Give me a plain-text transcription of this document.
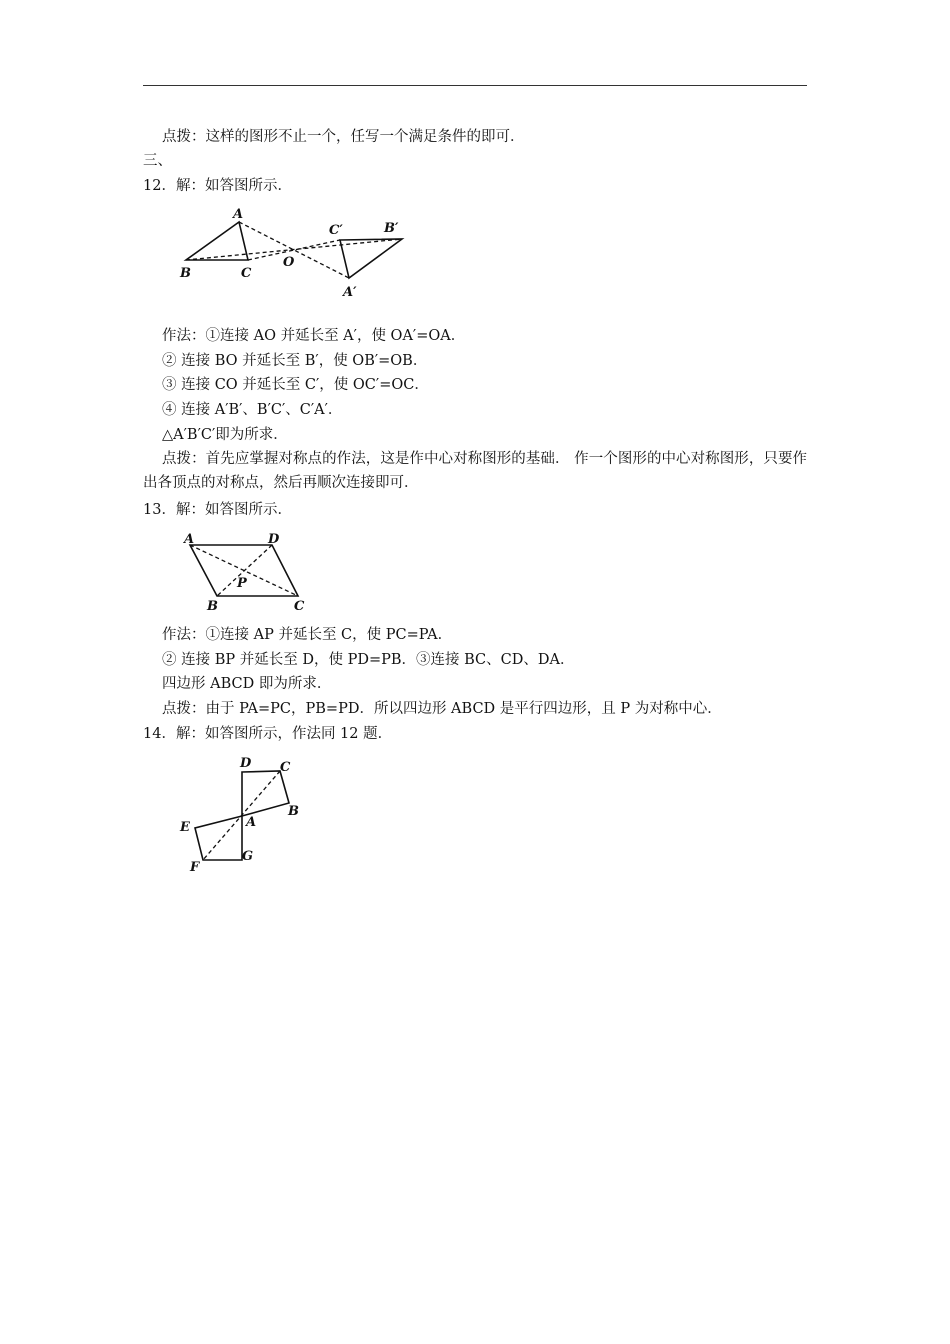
点拨：这样的图形不止一个，任写一个满足条件的即可．
三、
12．解：如答图所示．
A
B	C
O
C′	B′
A′
作法：①连接 AO 并延长至 A′，使 OA′=OA．
② 连接 BO 并延长至 B′，使 OB′=OB．
③ 连接 CO 并延长至 C′，使 OC′=OC．
④ 连接 A′B′、B′C′、C′A′．
△A′B′C′即为所求．
点拨：首先应掌握对称点的作法，这是作中心对称图形的基础． 作一个图形的中心对称图形，只要作出各顶点的对称点，然后再顺次连接即可．
13．解：如答图所示．
A	D
P
B	C
作法：①连接 AP 并延长至 C，使 PC=PA．
② 连接 BP 并延长至 D，使 PD=PB．③连接 BC、CD、DA．
四边形 ABCD 即为所求．
点拨：由于 PA=PC，PB=PD．所以四边形 ABCD 是平行四边形，且 P 为对称中心．
14．解：如答图所示，作法同 12 题．
D C
B
A
E
F
G
